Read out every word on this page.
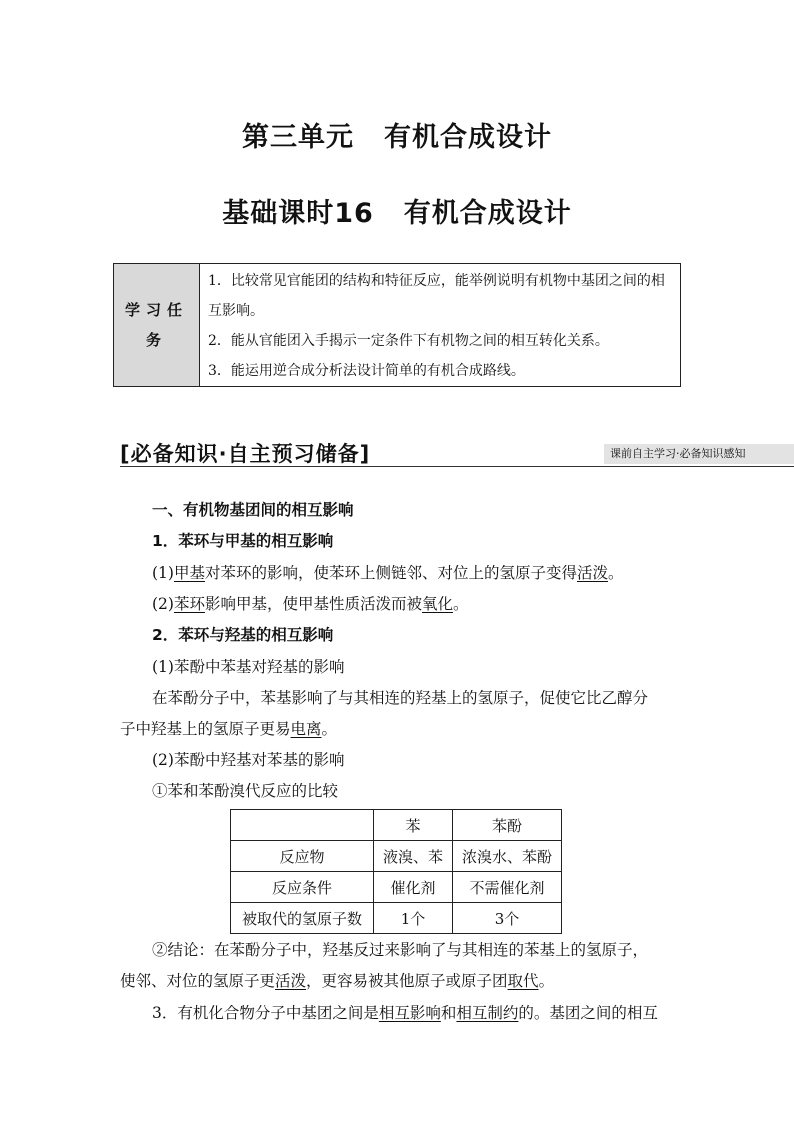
第三单元 有机合成设计
基础课时16 有机合成设计
学习任务
1．比较常见官能团的结构和特征反应，能举例说明有机物中基团之间的相互影响。
2．能从官能团入手揭示一定条件下有机物之间的相互转化关系。
3．能运用逆合成分析法设计简单的有机合成路线。
[必备知识·自主预习储备]	课前自主学习·必备知识感知
一、有机物基团间的相互影响
1．苯环与甲基的相互影响
(1)甲基对苯环的影响，使苯环上侧链邻、对位上的氢原子变得活泼。
(2)苯环影响甲基，使甲基性质活泼而被氧化。
2．苯环与羟基的相互影响
(1)苯酚中苯基对羟基的影响
在苯酚分子中，苯基影响了与其相连的羟基上的氢原子，促使它比乙醇分
子中羟基上的氢原子更易电离。
(2)苯酚中羟基对苯基的影响
①苯和苯酚溴代反应的比较
	苯	苯酚
反应物	液溴、苯	浓溴水、苯酚
反应条件	催化剂	不需催化剂
被取代的氢原子数	1个	3个
②结论：在苯酚分子中，羟基反过来影响了与其相连的苯基上的氢原子，
使邻、对位的氢原子更活泼，更容易被其他原子或原子团取代。
3．有机化合物分子中基团之间是相互影响和相互制约的。基团之间的相互
